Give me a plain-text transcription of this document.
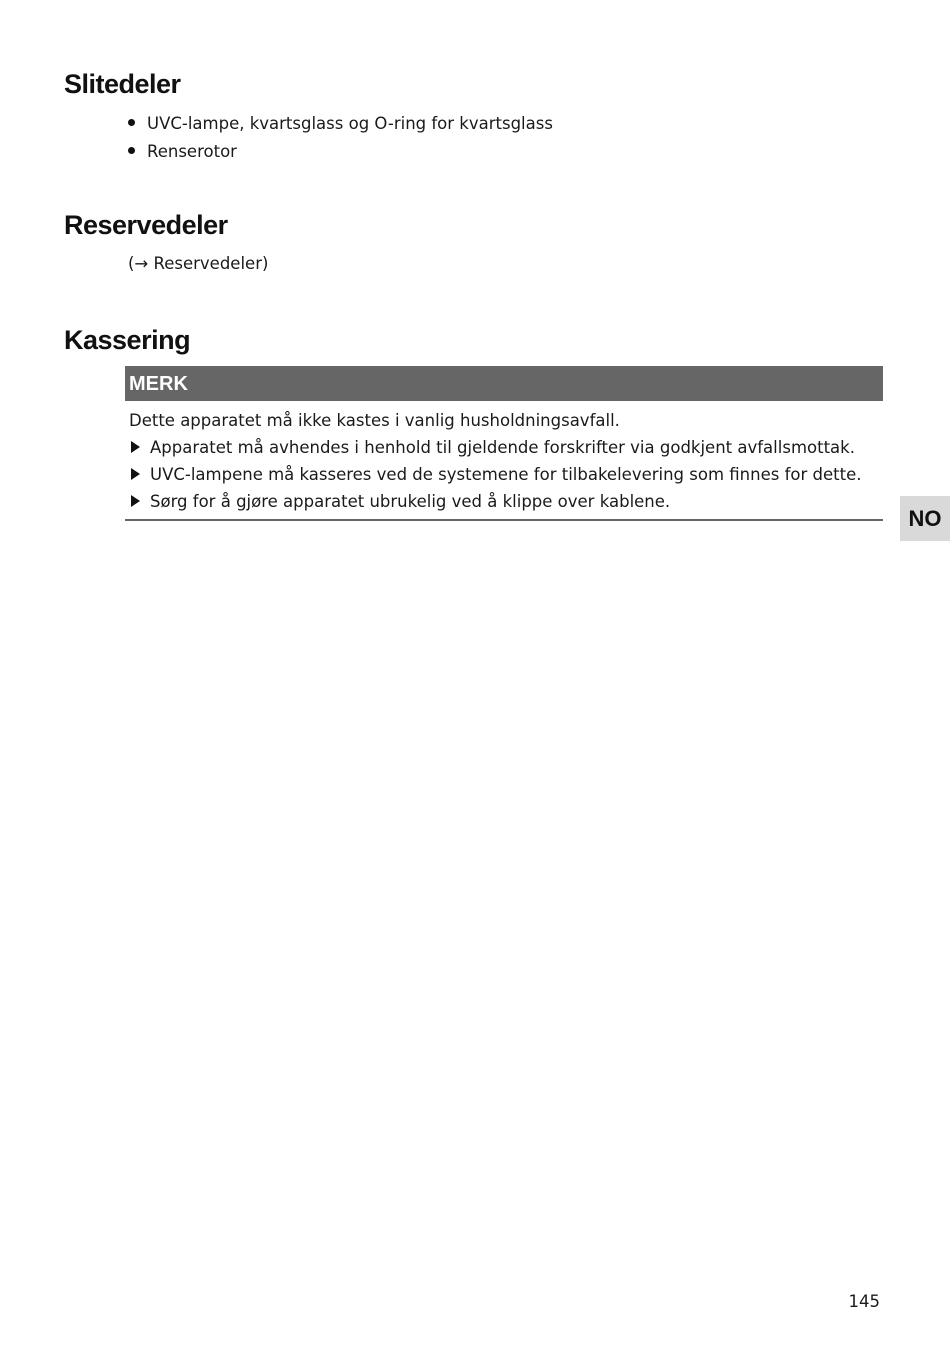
Slitedeler
UVC-lampe, kvartsglass og O-ring for kvartsglass
Renserotor
Reservedeler
(→ Reservedeler)
Kassering
MERK
Dette apparatet må ikke kastes i vanlig husholdningsavfall.
Apparatet må avhendes i henhold til gjeldende forskrifter via godkjent avfallsmottak.
UVC-lampene må kasseres ved de systemene for tilbakelevering som finnes for dette.
Sørg for å gjøre apparatet ubrukelig ved å klippe over kablene.
NO
145
